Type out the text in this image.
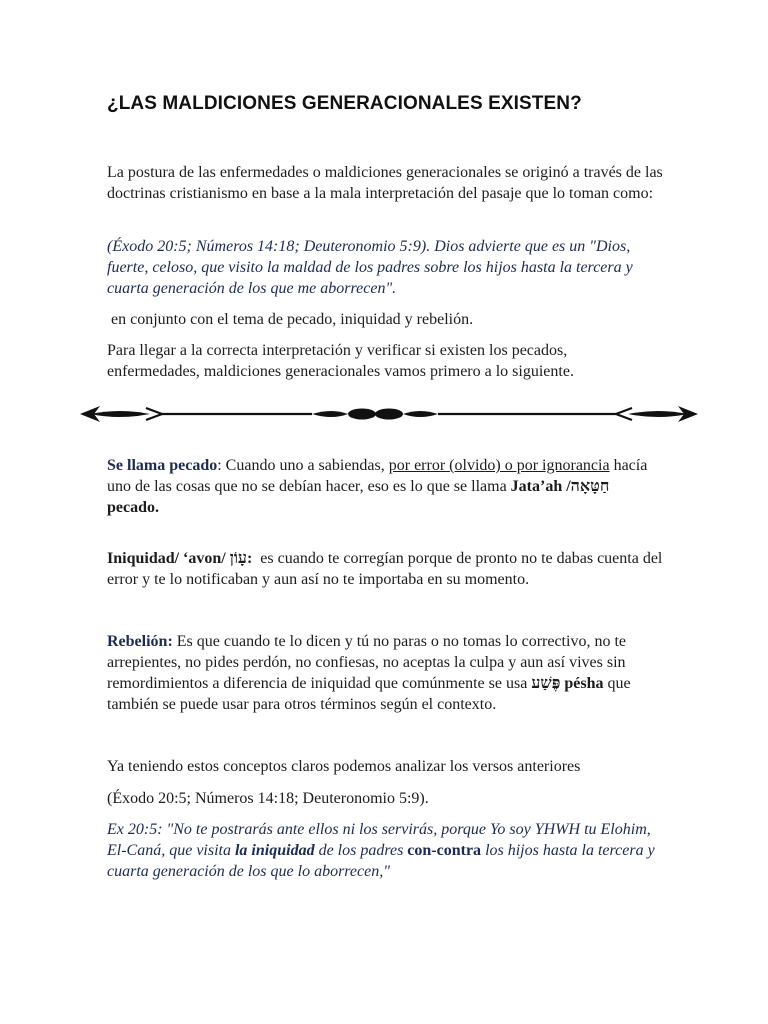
¿LAS MALDICIONES GENERACIONALES EXISTEN?

La postura de las enfermedades o maldiciones generacionales se originó a través de las doctrinas cristianismo en base a la mala interpretación del pasaje que lo toman como:

(Éxodo 20:5; Números 14:18; Deuteronomio 5:9). Dios advierte que es un "Dios, fuerte, celoso, que visito la maldad de los padres sobre los hijos hasta la tercera y cuarta generación de los que me aborrecen".

en conjunto con el tema de pecado, iniquidad y rebelión.

Para llegar a la correcta interpretación y verificar si existen los pecados, enfermedades, maldiciones generacionales vamos primero a lo siguiente.

Se llama pecado: Cuando uno a sabiendas, por error (olvido) o por ignorancia hacía uno de las cosas que no se debían hacer, eso es lo que se llama Jata’ah /חַטָּאָה
pecado.

Iniquidad/ ‘avon/ עָוֹן:  es cuando te corregían porque de pronto no te dabas cuenta del error y te lo notificaban y aun así no te importaba en su momento.

Rebelión: Es que cuando te lo dicen y tú no paras o no tomas lo correctivo, no te arrepientes, no pides perdón, no confiesas, no aceptas la culpa y aun así vives sin remordimientos a diferencia de iniquidad que comúnmente se usa פֶּשַׁע pésha que también se puede usar para otros términos según el contexto.

Ya teniendo estos conceptos claros podemos analizar los versos anteriores

(Éxodo 20:5; Números 14:18; Deuteronomio 5:9).

Ex 20:5: "No te postrarás ante ellos ni los servirás, porque Yo soy YHWH tu Elohim, El-Caná, que visita la iniquidad de los padres con-contra los hijos hasta la tercera y cuarta generación de los que lo aborrecen,"
